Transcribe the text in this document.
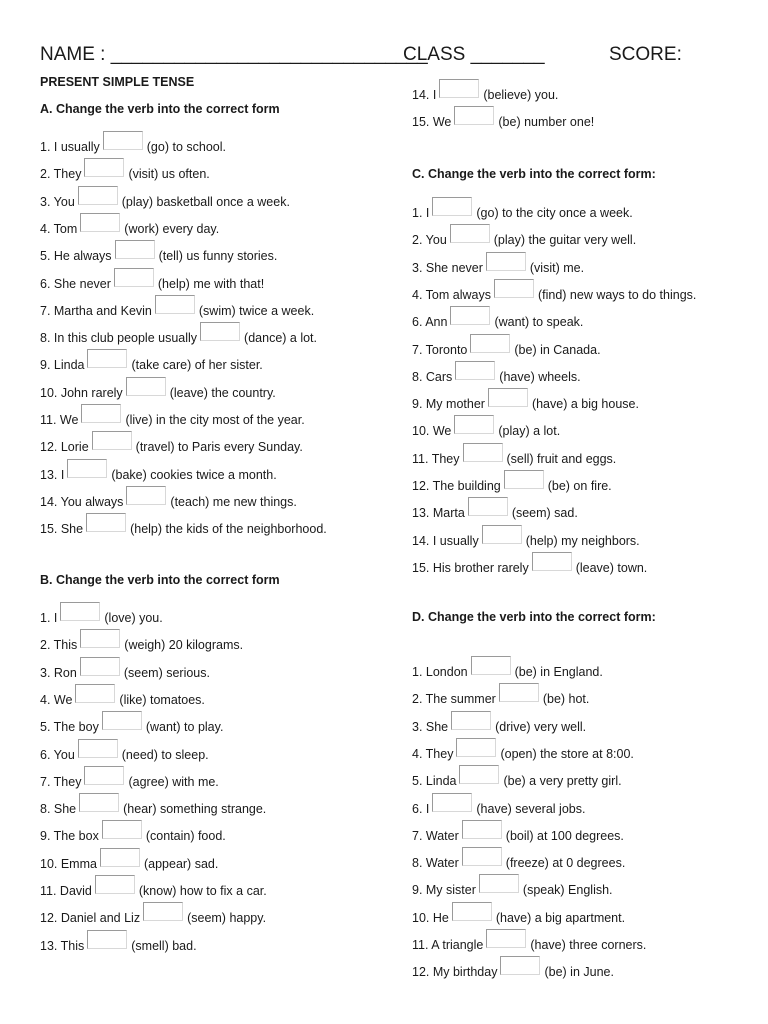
NAME : ______________________________
CLASS _______	SCORE:
PRESENT SIMPLE TENSE
A. Change the verb into the correct form
1. I usually	(go) to school.
2. They	(visit) us often.
3. You	(play) basketball once a week.
4. Tom	(work) every day.
5. He always	(tell) us funny stories.
6. She never	(help) me with that!
7. Martha and Kevin	(swim) twice a week.
8. In this club people usually	(dance) a lot.
9. Linda	(take care) of her sister.
10. John rarely	(leave) the country.
11. We	(live) in the city most of the year.
12. Lorie	(travel) to Paris every Sunday.
13. I	(bake) cookies twice a month.
14. You always	(teach) me new things.
15. She	(help) the kids of the neighborhood.
B. Change the verb into the correct form
1. I	(love) you.
2. This	(weigh) 20 kilograms.
3. Ron	(seem) serious.
4. We	(like) tomatoes.
5. The boy	(want) to play.
6. You	(need) to sleep.
7. They	(agree) with me.
8. She	(hear) something strange.
9. The box	(contain) food.
10. Emma	(appear) sad.
11. David	(know) how to fix a car.
12. Daniel and Liz	(seem) happy.
13. This	(smell) bad.
14. I	(believe) you.
15. We	(be) number one!
C. Change the verb into the correct form:
1. I	(go) to the city once a week.
2. You	(play) the guitar very well.
3. She never	(visit) me.
4. Tom always	(find) new ways to do things.
6. Ann	(want) to speak.
7. Toronto	(be) in Canada.
8. Cars	(have) wheels.
9. My mother	(have) a big house.
10. We	(play) a lot.
11. They	(sell) fruit and eggs.
12. The building	(be) on fire.
13. Marta	(seem) sad.
14. I usually	(help) my neighbors.
15. His brother rarely	(leave) town.
D. Change the verb into the correct form:
1. London	(be) in England.
2. The summer	(be) hot.
3. She	(drive) very well.
4. They	(open) the store at 8:00.
5. Linda	(be) a very pretty girl.
6. I	(have) several jobs.
7. Water	(boil) at 100 degrees.
8. Water	(freeze) at 0 degrees.
9. My sister	(speak) English.
10. He	(have) a big apartment.
11. A triangle	(have) three corners.
12. My birthday	(be) in June.
